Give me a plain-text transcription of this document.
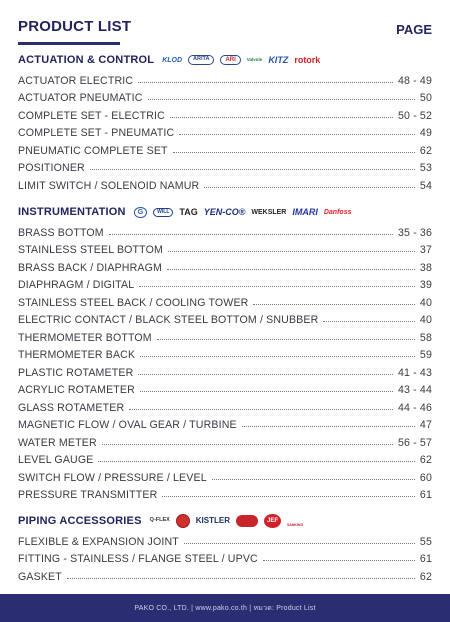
PRODUCT LIST	PAGE
ACTUATION & CONTROL KLOD	ARITA	ARI	Valvole KITZ rotork
ACTUATOR ELECTRIC	48 - 49
ACTUATOR PNEUMATIC	50
COMPLETE SET - ELECTRIC	50 - 52
COMPLETE SET - PNEUMATIC	49
PNEUMATIC COMPLETE SET	62
POSITIONER	53
LIMIT SWITCH / SOLENOID NAMUR	54
INSTRUMENTATION	G	WILL	TAG YEN-CO® WEKSLER IMARI Danfoss
BRASS BOTTOM	35 - 36
STAINLESS STEEL BOTTOM	37
BRASS BACK / DIAPHRAGM	38
DIAPHRAGM / DIGITAL	39
STAINLESS STEEL BACK / COOLING TOWER	40
ELECTRIC CONTACT / BLACK STEEL BOTTOM / SNUBBER	40
THERMOMETER BOTTOM	58
THERMOMETER BACK	59
PLASTIC ROTAMETER	41 - 43
ACRYLIC ROTAMETER	43 - 44
GLASS ROTAMETER	44 - 46
MAGNETIC FLOW / OVAL GEAR / TURBINE	47
WATER METER	56 - 57
LEVEL GAUGE	62
SWITCH FLOW / PRESSURE / LEVEL	60
PRESSURE TRANSMITTER	61
PIPING ACCESSORIES Q-FLEX	KISTLER	JEF
SANKING
FLEXIBLE & EXPANSION JOINT	55
FITTING - STAINLESS / FLANGE STEEL / UPVC	61
GASKET	62
PAKO CO., LTD. | www.pako.co.th | หมวด: Product List
